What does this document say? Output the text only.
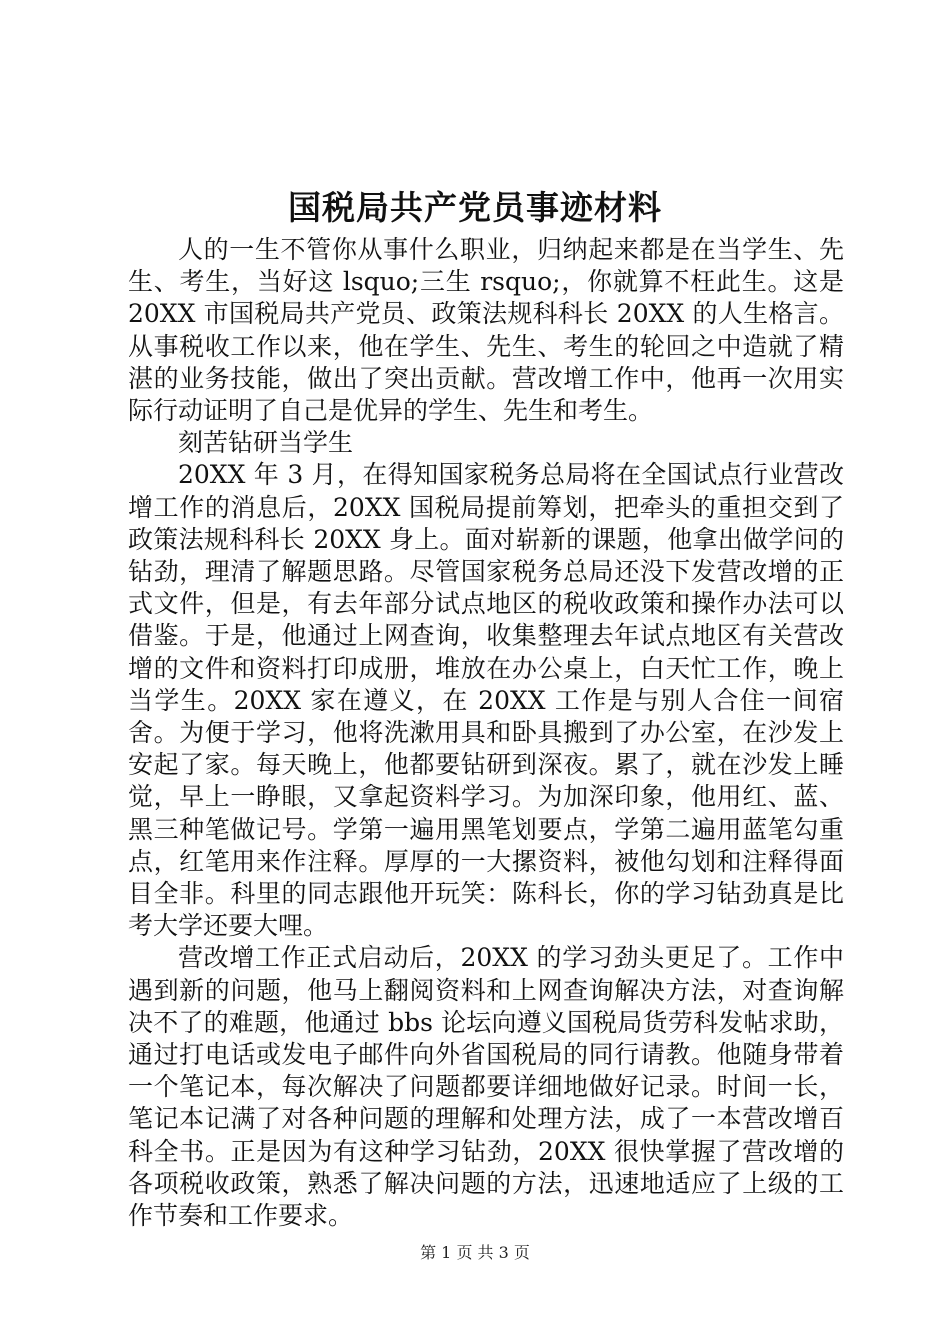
国税局共产党员事迹材料

人的一生不管你从事什么职业，归纳起来都是在当学生、先生、考生，当好这 lsquo;三生 rsquo;，你就算不枉此生。这是 20XX 市国税局共产党员、政策法规科科长 20XX 的人生格言。从事税收工作以来，他在学生、先生、考生的轮回之中造就了精湛的业务技能，做出了突出贡献。营改增工作中，他再一次用实际行动证明了自己是优异的学生、先生和考生。

刻苦钻研当学生

20XX 年 3 月，在得知国家税务总局将在全国试点行业营改增工作的消息后，20XX 国税局提前筹划，把牵头的重担交到了政策法规科科长 20XX 身上。面对崭新的课题，他拿出做学问的钻劲，理清了解题思路。尽管国家税务总局还没下发营改增的正式文件，但是，有去年部分试点地区的税收政策和操作办法可以借鉴。于是，他通过上网查询，收集整理去年试点地区有关营改增的文件和资料打印成册，堆放在办公桌上，白天忙工作，晚上当学生。20XX 家在遵义，在 20XX 工作是与别人合住一间宿舍。为便于学习，他将洗漱用具和卧具搬到了办公室，在沙发上安起了家。每天晚上，他都要钻研到深夜。累了，就在沙发上睡觉，早上一睁眼，又拿起资料学习。为加深印象，他用红、蓝、黑三种笔做记号。学第一遍用黑笔划要点，学第二遍用蓝笔勾重点，红笔用来作注释。厚厚的一大摞资料，被他勾划和注释得面目全非。科里的同志跟他开玩笑：陈科长，你的学习钻劲真是比考大学还要大哩。

营改增工作正式启动后，20XX 的学习劲头更足了。工作中遇到新的问题，他马上翻阅资料和上网查询解决方法，对查询解决不了的难题，他通过 bbs 论坛向遵义国税局货劳科发帖求助，通过打电话或发电子邮件向外省国税局的同行请教。他随身带着一个笔记本，每次解决了问题都要详细地做好记录。时间一长，笔记本记满了对各种问题的理解和处理方法，成了一本营改增百科全书。正是因为有这种学习钻劲，20XX 很快掌握了营改增的各项税收政策，熟悉了解决问题的方法，迅速地适应了上级的工作节奏和工作要求。

第 1 页 共 3 页
